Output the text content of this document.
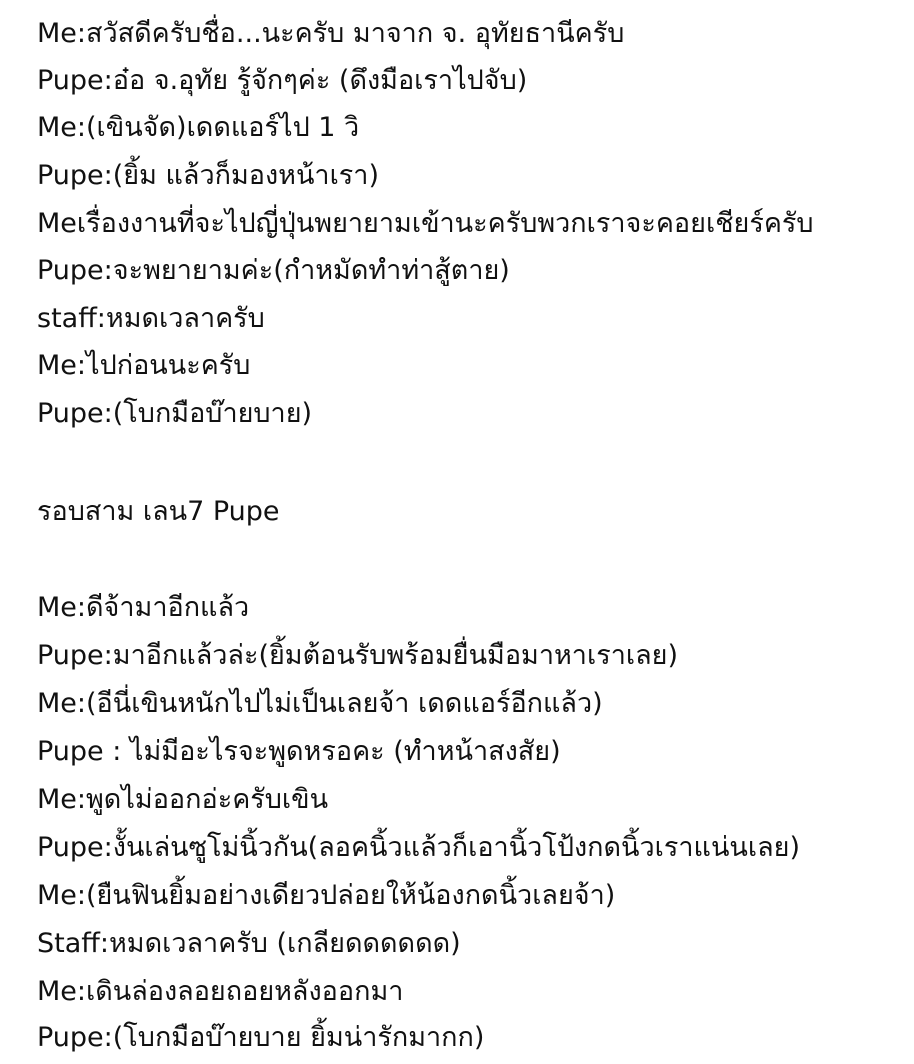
Me:สวัสดีครับชื่อ...นะครับ มาจาก จ. อุทัยธานีครับ
Pupe:อ๋อ จ.อุทัย รู้จักๆค่ะ (ดึงมือเราไปจับ)
Me:(เขินจัด)เดดแอร์ไป 1 วิ
Pupe:(ยิ้ม แล้วก็มองหน้าเรา)
Meเรื่องงานที่จะไปญี่ปุ่นพยายามเข้านะครับพวกเราจะคอยเชียร์ครับ
Pupe:จะพยายามค่ะ(กำหมัดทำท่าสู้ตาย)
staff:หมดเวลาครับ
Me:ไปก่อนนะครับ
Pupe:(โบกมือบ๊ายบาย)
รอบสาม เลน7 Pupe
Me:ดีจ้ามาอีกแล้ว
Pupe:มาอีกแล้วล่ะ(ยิ้มต้อนรับพร้อมยื่นมือมาหาเราเลย)
Me:(อีนี่เขินหนักไปไม่เป็นเลยจ้า เดดแอร์อีกแล้ว)
Pupe : ไม่มีอะไรจะพูดหรอคะ (ทำหน้าสงสัย)
Me:พูดไม่ออกอ่ะครับเขิน
Pupe:งั้นเล่นซูโม่นิ้วกัน(ลอคนิ้วแล้วก็เอานิ้วโป้งกดนิ้วเราแน่นเลย)
Me:(ยืนฟินยิ้มอย่างเดียวปล่อยให้น้องกดนิ้วเลยจ้า)
Staff:หมดเวลาครับ (เกลียดดดดดด)
Me:เดินล่องลอยถอยหลังออกมา
Pupe:(โบกมือบ๊ายบาย ยิ้มน่ารักมากก)
